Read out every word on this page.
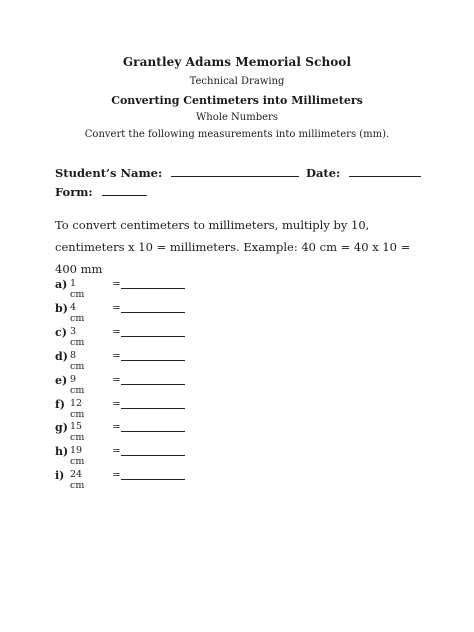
Grantley Adams Memorial School
Technical Drawing
Converting Centimeters into Millimeters
Whole Numbers
Convert the following measurements into millimeters (mm).
Student’s Name:	Date:
Form:
To convert centimeters to millimeters, multiply by 10, centimeters x 10 = millimeters. Example: 40 cm = 40 x 10 = 400 mm
a) 1 cm
=
b) 4 cm
=
c) 3 cm
=
d) 8 cm
=
e) 9 cm
=
f) 12 cm
=
g) 15 cm
=
h) 19 cm
=
i) 24 cm
=
